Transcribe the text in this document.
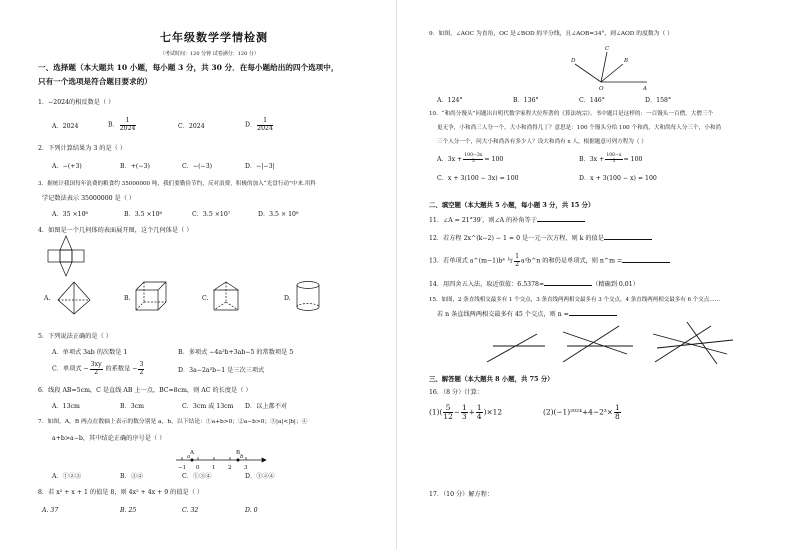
七年级数学学情检测
（考试时间：120 分钟 试卷满分：120 分）
一、选择题（本大题共 10 小题，每小题 3 分，共 30 分．在每小题给出的四个选项中，
只有一个选项是符合题目要求的）
1．−2024的相反数是（ ）
A．2024	B． $\frac{1}{2024}$	C．2024	D． $\frac{1}{2024}$
2．下列计算结果为 3 的是（ ）
A．−(+3)	B．+(−3)	C．−(−3)	D．−|−3|
3．据统计我国每年浪费的粮食约 35000000 吨，我们要勤俭节约，反对浪费，积极的加入“光盘行动”中来.用科
学记数法表示 35000000 是（ ）
A．35 ×10⁶	B．3.5 ×10⁶	C．3.5 ×10⁷	D．3.5 × 10⁸
4．如图是一个几何体的表面展开图，这个几何体是（ ）
A.	B.	C.	D.
5．下列说法正确的是（ ）
A．单项式 3ab 的次数是 1	B．多项式 −4a²b+3ab−5 的常数项是 5
C．单项式 − $\frac{3xy}{2}$ 的系数是 − $\frac{3}{2}$	D．3a−2a²b−1 是三次三项式
6．线段 AB=5cm，C 是直线 AB 上一点，BC=8cm，则 AC 的长度是（ ）
A．13cm	B．3cm	C．3cm 或 13cm D．以上都不对
7．如图，A，B 两点在数轴上表示的数分别是 a，b，以下结论：①a+b>0；②a−b>0；③|a|<|b|；④
a+b>a−b，其中结论正确的序号是（ ）
−1 0 1 2 3
A	B
a	b
A．①②③	B．③④	C．①③④	D．①②④
8．若 x² + x + 1 的值是 8，则 4x² + 4x + 9 的值是（ ）
A. 37	B. 25	C. 32	D. 0
9．如图，∠AOC 为直角，OC 是∠BOD 的平分线，且∠AOB=34°，则∠AOD 的度数为（ ）
D
C
B
O	A
A．124°	B．136°	C．146°	D．158°
10．“和尚分馒头”问题出自明代数学家程大位所著的《算法统宗》，书中题目是这样的：一百馒头一百僧，大僧三个
更无争，小和尚三人分一个，大小和尚得几丁？意思是：100 个馒头分给 100 个和尚，大和尚每人分三个，小和尚
三个人分一个，问大小和尚各有多少人？设大和尚有 x 人，根据题意可列方程为（ ）
A．$3x + \frac{100-3x}{3} = 100$	B．$3x + \frac{100-x}{3} = 100$
C．x + 3(100 − 3x) = 100	D．x + 3(100 − x) = 100
二、填空题（本大题共 5 小题，每小题 3 分，共 15 分）
11．∠A = 21°39′，则∠A 的补角等于
12．若方程 2x^(k−2) − 1 = 0 是一元一次方程，则 k 的值是
13．若单项式 a^(m−1)b⁴ 与 $\frac{1}{2}$ a²b^n 的和仍是单项式，则 n^m =
14．用四舍五入法，取近似值：6.5378≈	（精确到 0.01）
15．如图，2 条直线相交最多有 1 个交点，3 条直线两两相交最多有 3 个交点，4 条直线两两相交最多有 6 个交点……
若 n 条直线两两相交最多有 45 个交点，则 n =
三、解答题（本大题共 8 小题，共 75 分）
16．（8 分）计算：
$(1)( \frac{5}{12} - \frac{1}{3} + \frac{1}{4} )\times 12$	$(2)(-1)^{2024}+4-2^3\times \frac{1}{8}$
17．（10 分）解方程：
